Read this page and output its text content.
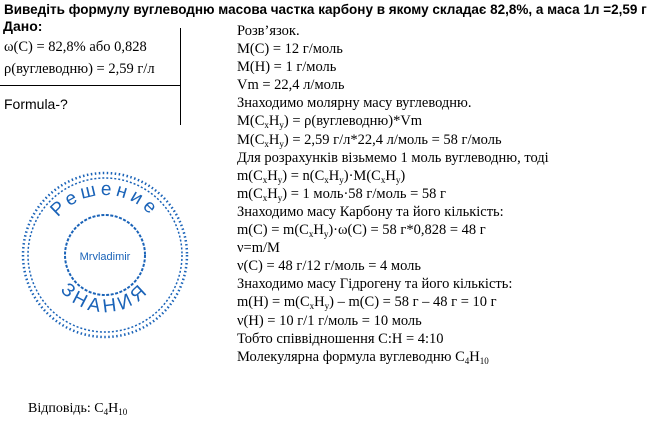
Виведіть формулу вуглеводню масова частка карбону в якому складає 82,8%, а маса 1л =2,59 г
Дано:
ω(C) = 82,8% або 0,828
ρ(вуглеводню) = 2,59 г/л
Formula-?
Розв’язок.
M(C) = 12 г/моль
M(H) = 1 г/моль
Vm = 22,4 л/моль
Знаходимо молярну масу вуглеводню.
$M(C_xH_y)$ = ρ(вуглеводню)*Vm
$M(C_xH_y) = 2,59$ г/л*22,4 л/моль = 58 г/моль
Для розрахунків візьмемо 1 моль вуглеводню, тоді
$m(C_xH_y) = n(C_xH_y)\cdot M(C_xH_y)$
$m(C_xH_y) = 1$ моль·58 г/моль = 58 г
Знаходимо масу Карбону та його кількість:
$m(C) = m(C_xH_y)\cdot\omega(C) = 58$ г*0,828 = 48 г
ν=m/M
ν(C) = 48 г/12 г/моль = 4 моль
Знаходимо масу Гідрогену та його кількість:
$m(H) = m(C_xH_y) - m(C) = 58$ г – 48 г = 10 г
ν(H) = 10 г/1 г/моль = 10 моль
Тобто співвідношення C:H = 4:10
Молекулярна формула вуглеводню $C_4H_{10}$
Відповідь: $C_4H_{10}$
Решение
ЗНАНИЯ
Mrvladimir
